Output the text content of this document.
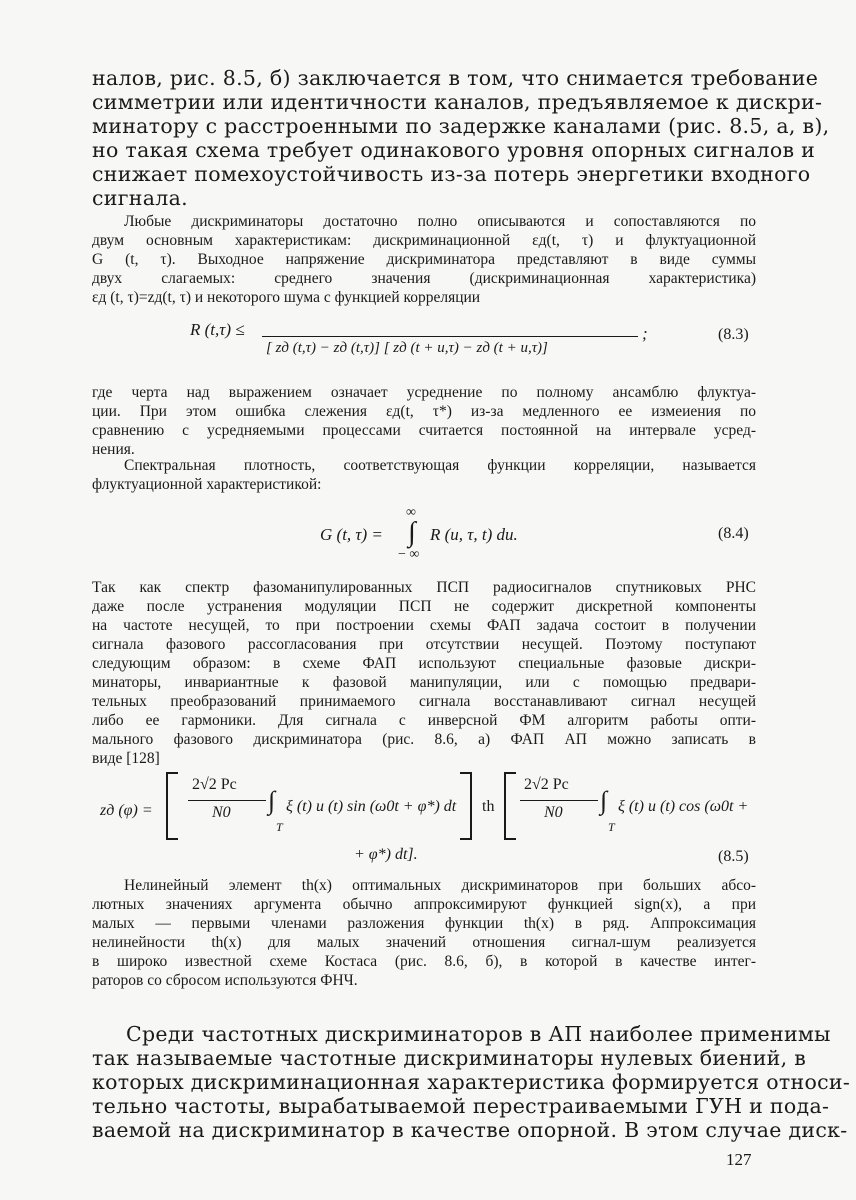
налов, рис. 8.5, б) заключается в том, что снимается требование
симметрии или идентичности каналов, предъявляемое к дискри-
минатору с расстроенными по задержке каналами (рис. 8.5, а, в),
но такая схема требует одинакового уровня опорных сигналов и
снижает помехоустойчивость из-за потерь энергетики входного
сигнала.
Любые дискриминаторы достаточно полно описываются и сопоставляются по
двум основным характеристикам: дискриминационной εд(t, τ) и флуктуационной
G (t, τ). Выходное напряжение дискриминатора представляют в виде суммы
двух слагаемых: среднего значения (дискриминационная характеристика)
εд (t, τ)=zд(t, τ) и некоторого шума с функцией корреляции
R (t,τ) ≤
[ zд (t,τ) − zд (t,τ)] [ zд (t + u,τ) − zд (t + u,τ)]
;	(8.3)
где черта над выражением означает усреднение по полному ансамблю флуктуа-
ции. При этом ошибка слежения εд(t, τ*) из-за медленного ее измеиения по
сравнению с усредняемыми процессами считается постоянной на интервале усред-
нения.
Спектральная плотность, соответствующая функции корреляции, называется
флуктуационной характеристикой:
G (t, τ) =
∞
∫
− ∞
R (u, τ, t) du.	(8.4)
Так как спектр фазоманипулированных ПСП радиосигналов спутниковых РНС
даже после устранения модуляции ПСП не содержит дискретной компоненты
на частоте несущей, то при построении схемы ФАП задача состоит в получении
сигнала фазового рассогласования при отсутствии несущей. Поэтому поступают
следующим образом: в схеме ФАП используют специальные фазовые дискри-
минаторы, инвариантные к фазовой манипуляции, или с помощью предвари-
тельных преобразований принимаемого сигнала восстанавливают сигнал несущей
либо ее гармоники. Для сигнала с инверсной ФМ алгоритм работы опти-
мального фазового дискриминатора (рис. 8.6, а) ФАП АП можно записать в
виде [128]
zд (φ) =
2√2 Pc
N0 ∫
T
ξ (t) u (t) sin (ω0t + φ*) dt th
2√2 Pc
N0 ∫
T
ξ (t) u (t) cos (ω0t +
+ φ*) dt].	(8.5)
Нелинейный элемент th(x) оптимальных дискриминаторов при больших абсо-
лютных значениях аргумента обычно аппроксимируют функцией sign(x), а при
малых — первыми членами разложения функции th(x) в ряд. Аппроксимация
нелинейности th(x) для малых значений отношения сигнал-шум реализуется
в широко известной схеме Костаса (рис. 8.6, б), в которой в качестве интег-
раторов со сбросом используются ФНЧ.
Среди частотных дискриминаторов в АП наиболее применимы
так называемые частотные дискриминаторы нулевых биений, в
которых дискриминационная характеристика формируется относи-
тельно частоты, вырабатываемой перестраиваемыми ГУН и пода-
ваемой на дискриминатор в качестве опорной. В этом случае диск-
127
